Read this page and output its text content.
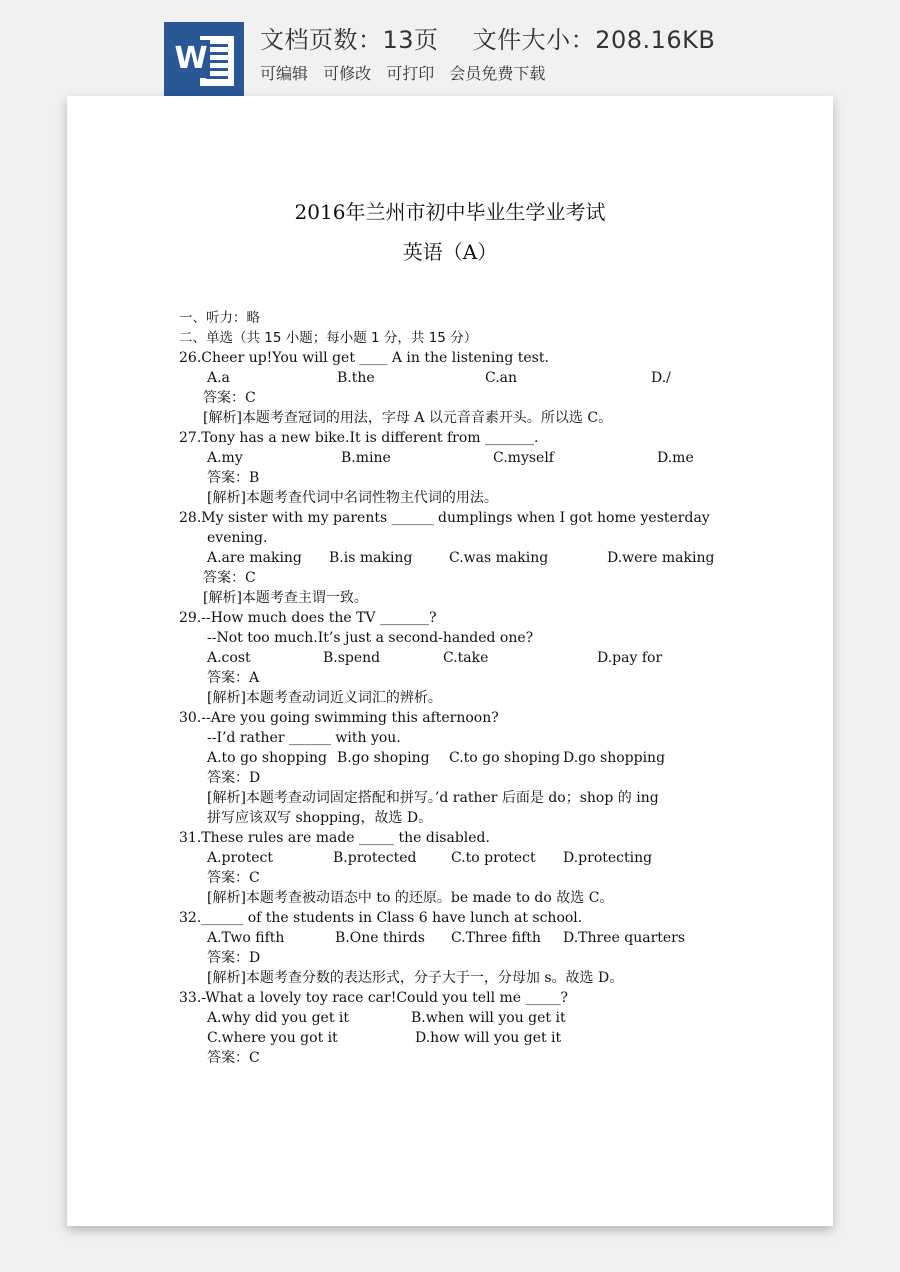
W
文档页数：13页 文件大小：208.16KB
可编辑 可修改 可打印 会员免费下载
2016年兰州市初中毕业生学业考试
英语（A）
一、听力：略
二、单选（共 15 小题；每小题 1 分，共 15 分）
26.Cheer up!You will get ____ A in the listening test.
A.a	B.the	C.an	D./
答案：C
[解析]本题考查冠词的用法，字母 A 以元音音素开头。所以选 C。
27.Tony has a new bike.It is different from _______.
A.my	B.mine	C.myself	D.me
答案：B
[解析]本题考查代词中名词性物主代词的用法。
28.My sister with my parents ______ dumplings when I got home yesterday
evening.
A.are making B.is making	C.was making	D.were making
答案：C
[解析]本题考查主谓一致。
29.--How much does the TV _______?
--Not too much.It’s just a second-handed one?
A.cost	B.spend	C.take	D.pay for
答案：A
[解析]本题考查动词近义词汇的辨析。
30.--Are you going swimming this afternoon?
--I’d rather ______ with you.
A.to go shopping B.go shoping C.to go shoping D.go shopping
答案：D
[解析]本题考查动词固定搭配和拼写。’d rather 后面是 do；shop 的 ing
拼写应该双写 shopping，故选 D。
31.These rules are made _____ the disabled.
A.protect	B.protected C.to protect D.protecting
答案：C
[解析]本题考查被动语态中 to 的还原。be made to do 故选 C。
32.______ of the students in Class 6 have lunch at school.
A.Two fifth	B.One thirds C.Three fifth D.Three quarters
答案：D
[解析]本题考查分数的表达形式，分子大于一，分母加 s。故选 D。
33.-What a lovely toy race car!Could you tell me _____?
A.why did you get it	B.when will you get it
C.where you got it	D.how will you get it
答案：C
